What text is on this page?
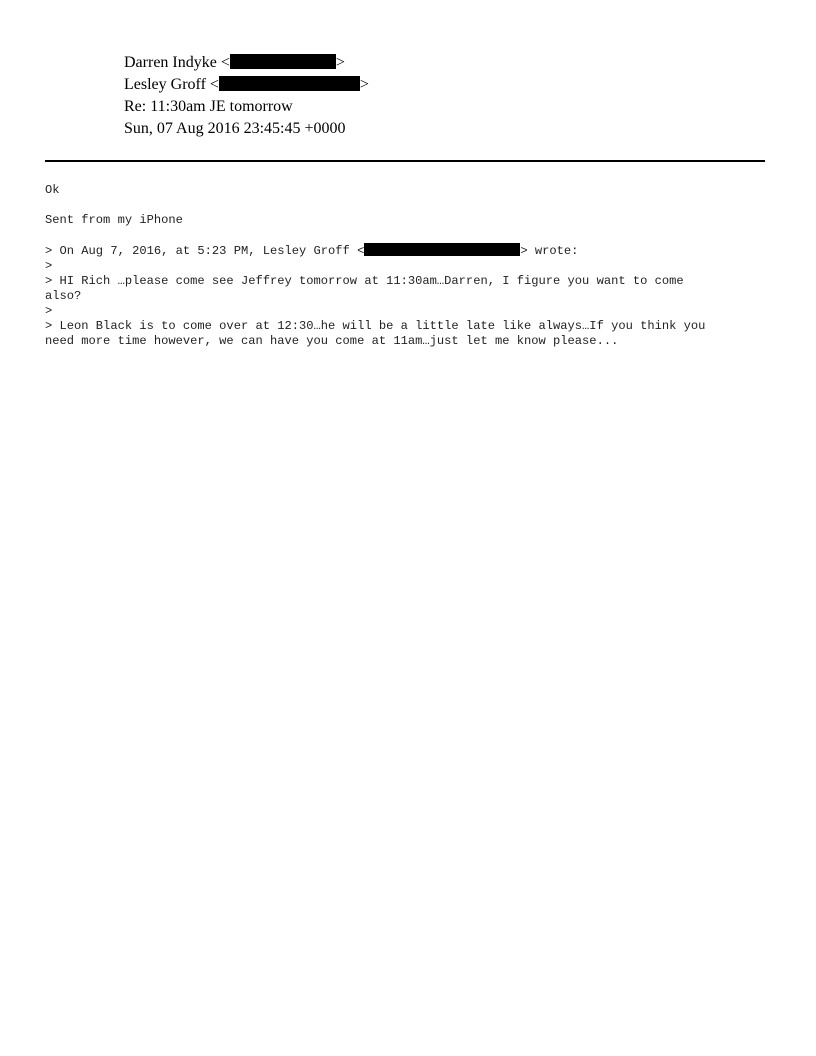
Darren Indyke <	>
Lesley Groff <	>
Re: 11:30am JE tomorrow
Sun, 07 Aug 2016 23:45:45 +0000
Ok
Sent from my iPhone
> On Aug 7, 2016, at 5:23 PM, Lesley Groff <	> wrote:
>
> HI Rich …please come see Jeffrey tomorrow at 11:30am…Darren, I figure you want to come
also?
>
> Leon Black is to come over at 12:30…he will be a little late like always…If you think you
need more time however, we can have you come at 11am…just let me know please...
